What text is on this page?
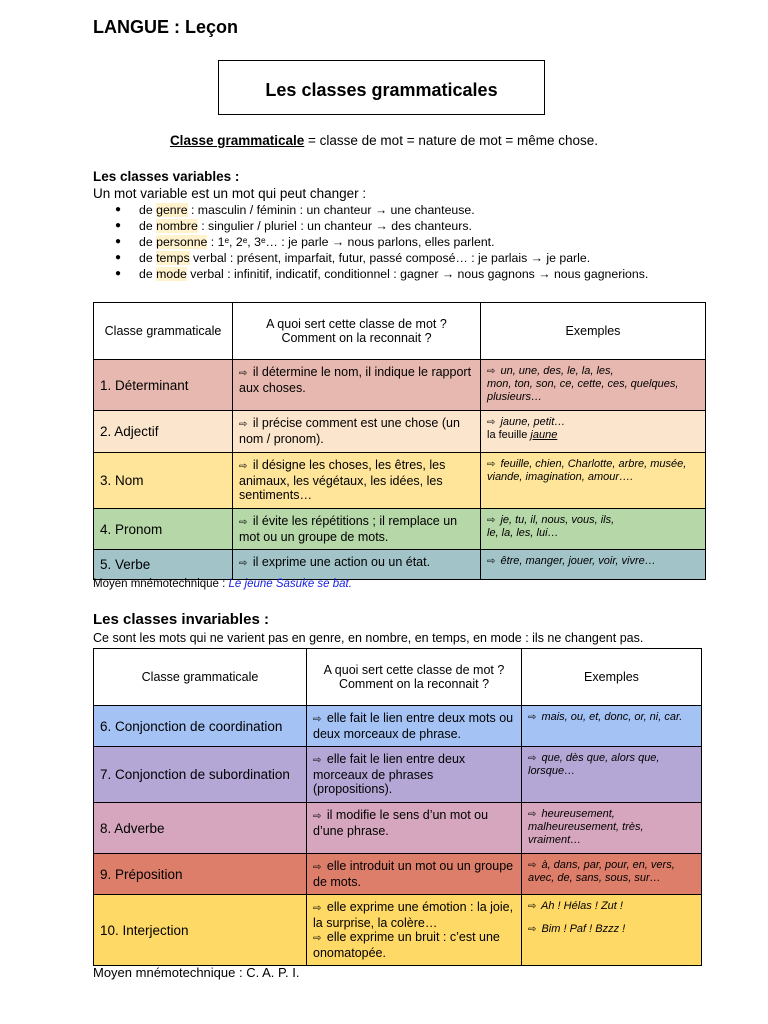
LANGUE : Leçon
Les classes grammaticales
Classe grammaticale = classe de mot = nature de mot = même chose.
Les classes variables :
Un mot variable est un mot qui peut changer :
● de genre : masculin / féminin : un chanteur → une chanteuse.
● de nombre : singulier / pluriel : un chanteur → des chanteurs.
● de personne : 1ᵉ, 2ᵉ, 3ᵉ… : je parle → nous parlons, elles parlent.
● de temps verbal : présent, imparfait, futur, passé composé… : je parlais → je parle.
● de mode verbal : infinitif, indicatif, conditionnel : gagner → nous gagnons → nous gagnerions.
Classe grammaticale	A quoi sert cette classe de mot ?
Comment on la reconnait ?	Exemples
1. Déterminant	⇨ il détermine le nom, il indique le rapport aux choses.	⇨ un, une, des, le, la, les,
mon, ton, son, ce, cette, ces, quelques, plusieurs…
2. Adjectif	⇨ il précise comment est une chose (un nom / pronom).	⇨ jaune, petit…
la feuille jaune
3. Nom	⇨ il désigne les choses, les êtres, les animaux, les végétaux, les idées, les sentiments…	⇨ feuille, chien, Charlotte, arbre, musée, viande, imagination, amour….
4. Pronom	⇨ il évite les répétitions ; il remplace un mot ou un groupe de mots.	⇨ je, tu, il, nous, vous, ils,
le, la, les, lui…
5. Verbe	⇨ il exprime une action ou un état.	⇨ être, manger, jouer, voir, vivre…
Moyen mnémotechnique : Le jeune Sasuke se bat.
Les classes invariables :
Ce sont les mots qui ne varient pas en genre, en nombre, en temps, en mode : ils ne changent pas.
Classe grammaticale	A quoi sert cette classe de mot ?
Comment on la reconnait ?	Exemples
6. Conjonction de coordination	⇨ elle fait le lien entre deux mots ou deux morceaux de phrase.	⇨ mais, ou, et, donc, or, ni, car.
7. Conjonction de subordination	⇨ elle fait le lien entre deux morceaux de phrases (propositions).	⇨ que, dès que, alors que, lorsque…
8. Adverbe	⇨ il modifie le sens d’un mot ou d’une phrase.	⇨ heureusement, malheureusement, très, vraiment…
9. Préposition	⇨ elle introduit un mot ou un groupe de mots.	⇨ à, dans, par, pour, en, vers, avec, de, sans, sous, sur…
10. Interjection	⇨ elle exprime une émotion : la joie, la surprise, la colère…
⇨ elle exprime un bruit : c’est une onomatopée.	⇨ Ah ! Hélas ! Zut !
⇨ Bim ! Paf ! Bzzz !
Moyen mnémotechnique : C. A. P. I.
